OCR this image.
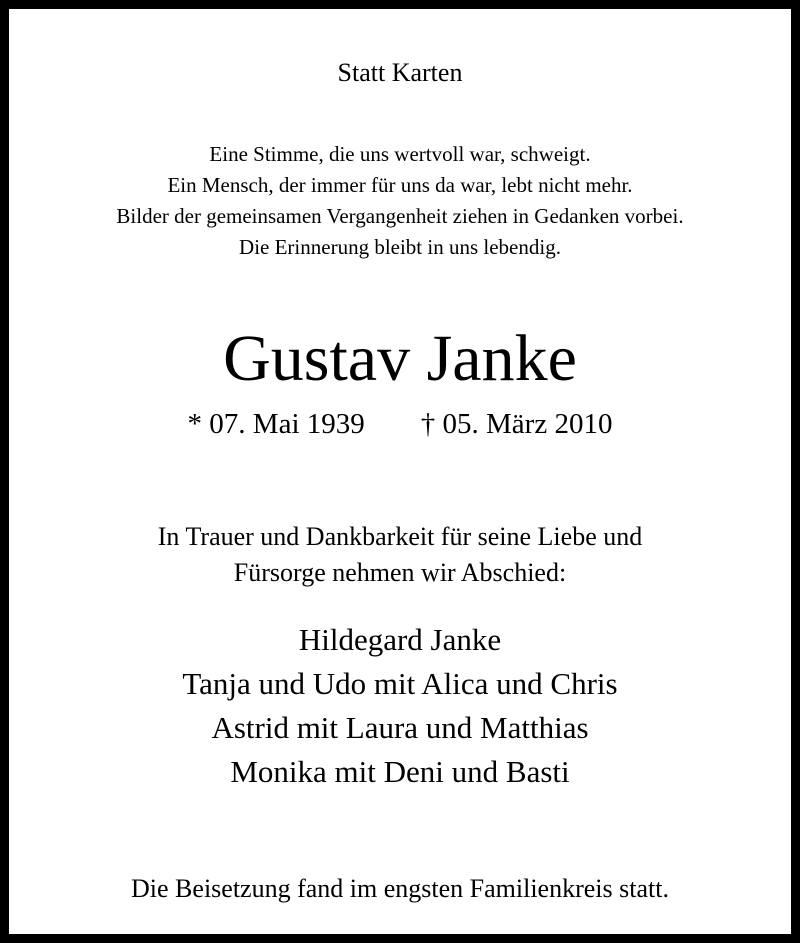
Statt Karten
Eine Stimme, die uns wertvoll war, schweigt.
Ein Mensch, der immer für uns da war, lebt nicht mehr.
Bilder der gemeinsamen Vergangenheit ziehen in Gedanken vorbei.
Die Erinnerung bleibt in uns lebendig.
Gustav Janke
* 07. Mai 1939 † 05. März 2010
In Trauer und Dankbarkeit für seine Liebe und
Fürsorge nehmen wir Abschied:
Hildegard Janke
Tanja und Udo mit Alica und Chris
Astrid mit Laura und Matthias
Monika mit Deni und Basti
Die Beisetzung fand im engsten Familienkreis statt.
